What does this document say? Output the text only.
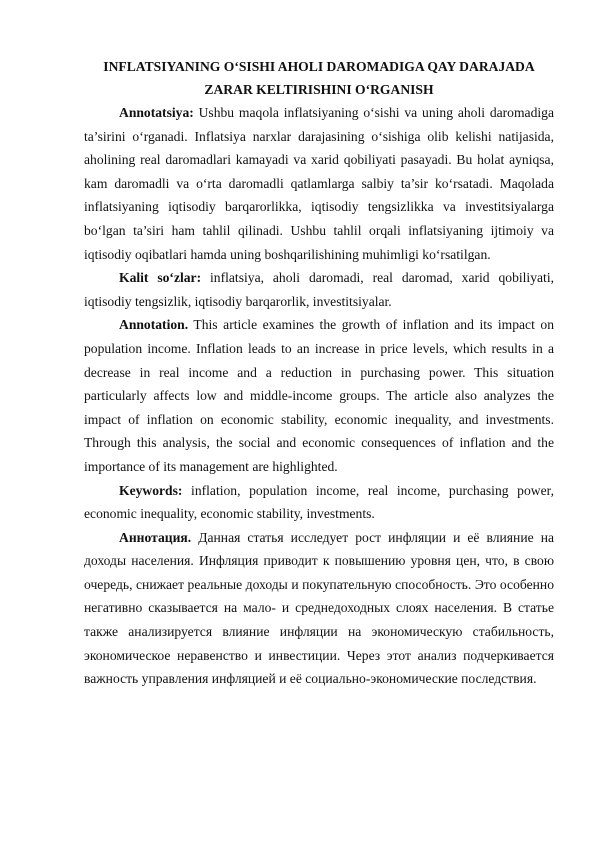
INFLATSIYANING O‘SISHI AHOLI DAROMADIGA QAY DARAJADA
ZARAR KELTIRISHINI O‘RGANISH

Annotatsiya: Ushbu maqola inflatsiyaning o‘sishi va uning aholi daromadiga ta’sirini o‘rganadi. Inflatsiya narxlar darajasining o‘sishiga olib kelishi natijasida, aholining real daromadlari kamayadi va xarid qobiliyati pasayadi. Bu holat ayniqsa, kam daromadli va o‘rta daromadli qatlamlarga salbiy ta’sir ko‘rsatadi. Maqolada inflatsiyaning iqtisodiy barqarorlikka, iqtisodiy tengsizlikka va investitsiyalarga bo‘lgan ta’siri ham tahlil qilinadi. Ushbu tahlil orqali inflatsiyaning ijtimoiy va iqtisodiy oqibatlari hamda uning boshqarilishining muhimligi ko‘rsatilgan.

Kalit so‘zlar: inflatsiya, aholi daromadi, real daromad, xarid qobiliyati, iqtisodiy tengsizlik, iqtisodiy barqarorlik, investitsiyalar.

Annotation. This article examines the growth of inflation and its impact on population income. Inflation leads to an increase in price levels, which results in a decrease in real income and a reduction in purchasing power. This situation particularly affects low and middle-income groups. The article also analyzes the impact of inflation on economic stability, economic inequality, and investments. Through this analysis, the social and economic consequences of inflation and the importance of its management are highlighted.

Keywords: inflation, population income, real income, purchasing power, economic inequality, economic stability, investments.

Аннотация. Данная статья исследует рост инфляции и её влияние на доходы населения. Инфляция приводит к повышению уровня цен, что, в свою очередь, снижает реальные доходы и покупательную способность. Это особенно негативно сказывается на мало- и среднедоходных слоях населения. В статье также анализируется влияние инфляции на экономическую стабильность, экономическое неравенство и инвестиции. Через этот анализ подчеркивается важность управления инфляцией и её социально-экономические последствия.
